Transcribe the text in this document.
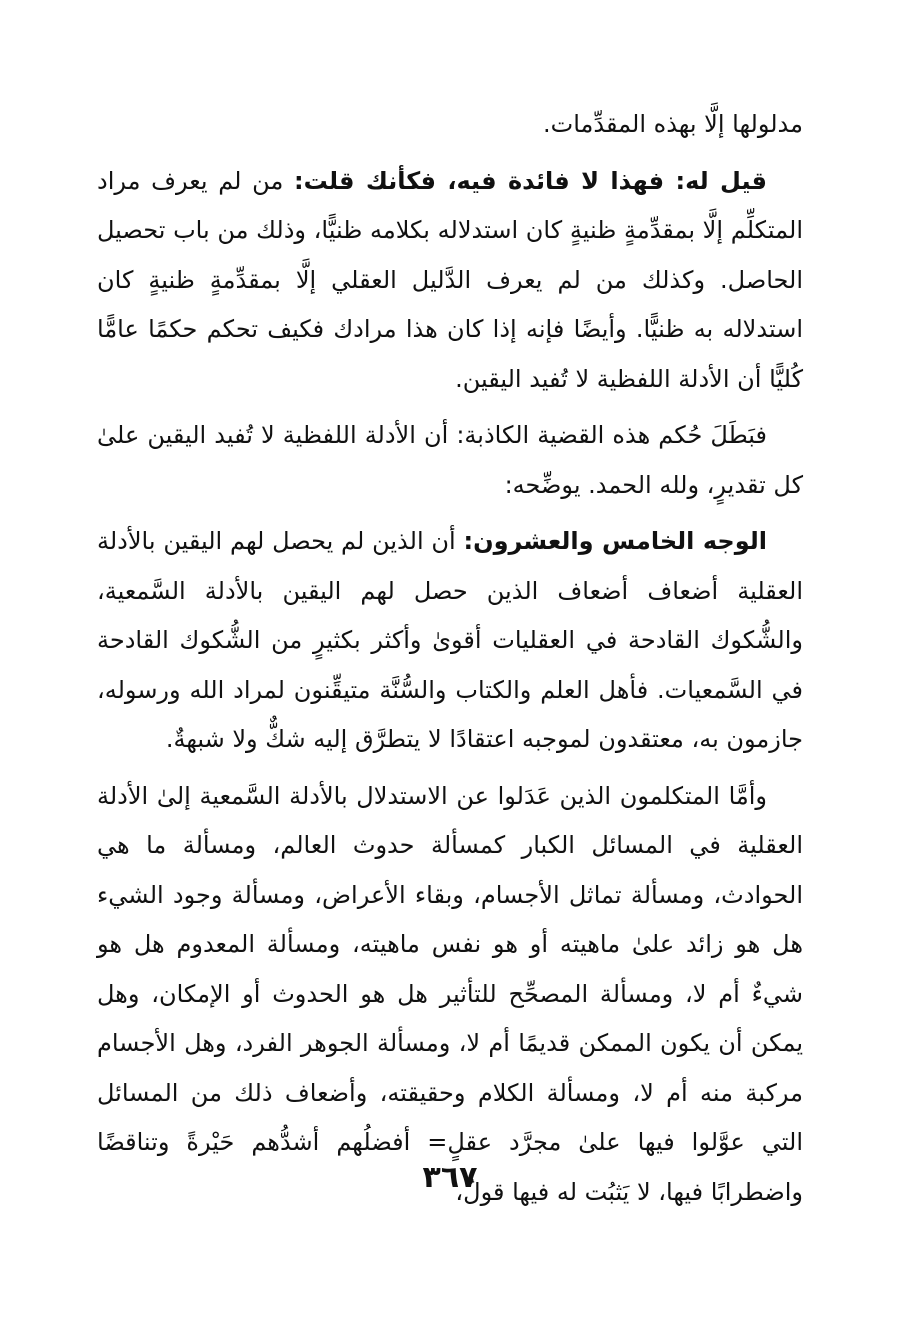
مدلولها إلَّا بهذه المقدِّمات.

قيل له: فهذا لا فائدة فيه، فكأنك قلت: من لم يعرف مراد المتكلِّم إلَّا بمقدِّمةٍ ظنيةٍ كان استدلاله بكلامه ظنيًّا، وذلك من باب تحصيل الحاصل. وكذلك من لم يعرف الدَّليل العقلي إلَّا بمقدِّمةٍ ظنيةٍ كان استدلاله به ظنيًّا. وأيضًا فإنه إذا كان هذا مرادك فكيف تحكم حكمًا عامًّا كُليًّا أن الأدلة اللفظية لا تُفيد اليقين.

فبَطَلَ حُكم هذه القضية الكاذبة: أن الأدلة اللفظية لا تُفيد اليقين علىٰ كل تقديرٍ، ولله الحمد. يوضِّحه:

الوجه الخامس والعشرون: أن الذين لم يحصل لهم اليقين بالأدلة العقلية أضعاف أضعاف الذين حصل لهم اليقين بالأدلة السَّمعية، والشُّكوك القادحة في العقليات أقوىٰ وأكثر بكثيرٍ من الشُّكوك القادحة في السَّمعيات. فأهل العلم والكتاب والسُّنَّة متيقِّنون لمراد الله ورسوله، جازمون به، معتقدون لموجبه اعتقادًا لا يتطرَّق إليه شكٌّ ولا شبهةٌ.

وأمَّا المتكلمون الذين عَدَلوا عن الاستدلال بالأدلة السَّمعية إلىٰ الأدلة العقلية في المسائل الكبار كمسألة حدوث العالم، ومسألة ما هي الحوادث، ومسألة تماثل الأجسام، وبقاء الأعراض، ومسألة وجود الشيء هل هو زائد علىٰ ماهيته أو هو نفس ماهيته، ومسألة المعدوم هل هو شيءٌ أم لا، ومسألة المصحِّح للتأثير هل هو الحدوث أو الإمكان، وهل يمكن أن يكون الممكن قديمًا أم لا، ومسألة الجوهر الفرد، وهل الأجسام مركبة منه أم لا، ومسألة الكلام وحقيقته، وأضعاف ذلك من المسائل التي عوَّلوا فيها علىٰ مجرَّد عقلٍ= أفضلُهم أشدُّهم حَيْرةً وتناقضًا واضطرابًا فيها، لا يَثبُت له فيها قولٌ،

٣٦٧
